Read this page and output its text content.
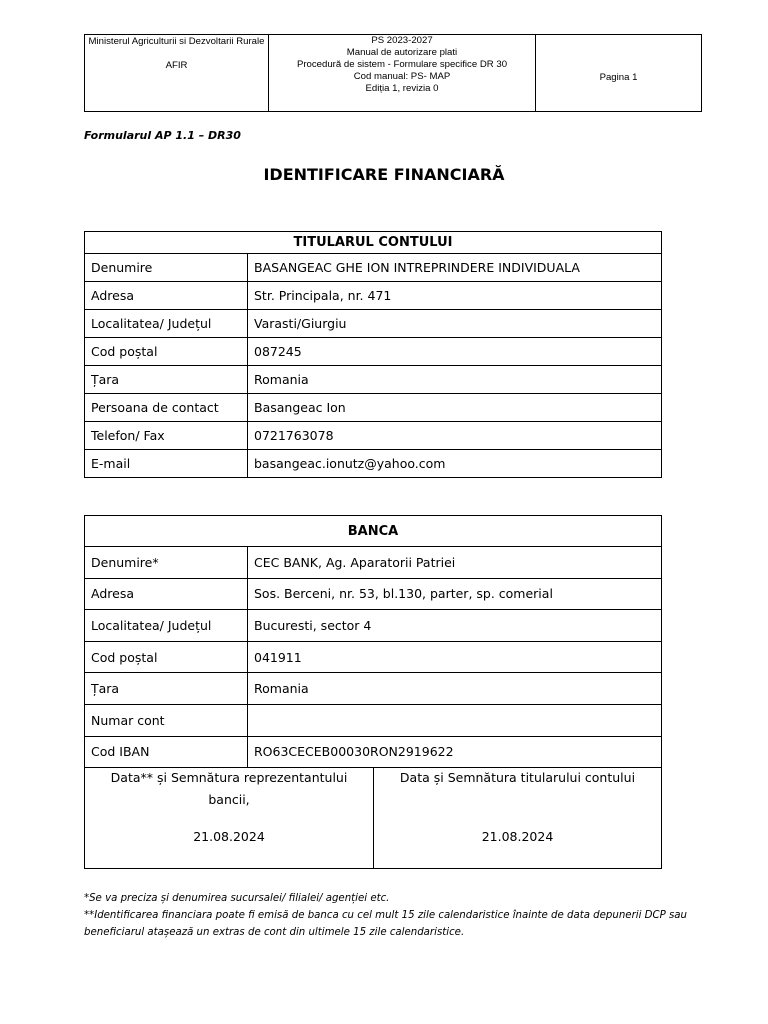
Ministerul Agriculturii si Dezvoltarii Rurale
AFIR
PS 2023-2027
Manual de autorizare plati
Procedură de sistem - Formulare specifice DR 30
Cod manual: PS- MAP
Ediția 1, revizia 0
Pagina 1
Formularul AP 1.1 – DR30
IDENTIFICARE FINANCIARĂ
TITULARUL CONTULUI	
Denumire	BASANGEAC GHE ION INTREPRINDERE INDIVIDUALA
Adresa	Str. Principala, nr. 471
Localitatea/ Județul	Varasti/Giurgiu
Cod poștal	087245
Țara	Romania
Persoana de contact	Basangeac Ion
Telefon/ Fax	0721763078
E-mail	basangeac.ionutz@yahoo.com
BANCA	
Denumire*	CEC BANK, Ag. Aparatorii Patriei
Adresa	Sos. Berceni, nr. 53, bl.130, parter, sp. comerial
Localitatea/ Județul	Bucuresti, sector 4
Cod poștal	041911
Țara	Romania
Numar cont	
Cod IBAN	RO63CECEB00030RON2919622
Data** și Semnătura reprezentantului bancii,
21.08.2024
Data și Semnătura titularului contului
21.08.2024
*Se va preciza și denumirea sucursalei/ filialei/ agenției etc.
**Identificarea financiara poate fi emisă de banca cu cel mult 15 zile calendaristice înainte de data depunerii DCP sau beneficiarul atașează un extras de cont din ultimele 15 zile calendaristice.
